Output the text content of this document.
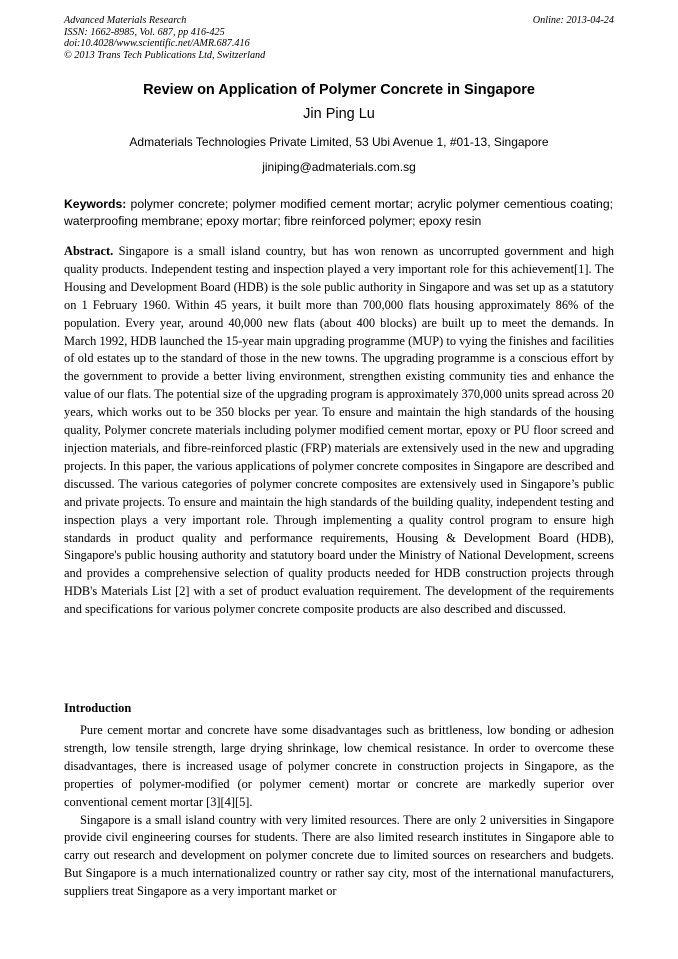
Advanced Materials Research
ISSN: 1662-8985, Vol. 687, pp 416-425
doi:10.4028/www.scientific.net/AMR.687.416
© 2013 Trans Tech Publications Ltd, Switzerland
Online: 2013-04-24
Review on Application of Polymer Concrete in Singapore
Jin Ping Lu
Admaterials Technologies Private Limited, 53 Ubi Avenue 1, #01-13, Singapore
jiniping@admaterials.com.sg
Keywords: polymer concrete; polymer modified cement mortar; acrylic polymer cementious coating; waterproofing membrane; epoxy mortar; fibre reinforced polymer; epoxy resin
Abstract. Singapore is a small island country, but has won renown as uncorrupted government and high quality products. Independent testing and inspection played a very important role for this achievement[1]. The Housing and Development Board (HDB) is the sole public authority in Singapore and was set up as a statutory on 1 February 1960. Within 45 years, it built more than 700,000 flats housing approximately 86% of the population. Every year, around 40,000 new flats (about 400 blocks) are built up to meet the demands. In March 1992, HDB launched the 15-year main upgrading programme (MUP) to vying the finishes and facilities of old estates up to the standard of those in the new towns. The upgrading programme is a conscious effort by the government to provide a better living environment, strengthen existing community ties and enhance the value of our flats. The potential size of the upgrading program is approximately 370,000 units spread across 20 years, which works out to be 350 blocks per year. To ensure and maintain the high standards of the housing quality, Polymer concrete materials including polymer modified cement mortar, epoxy or PU floor screed and injection materials, and fibre-reinforced plastic (FRP) materials are extensively used in the new and upgrading projects. In this paper, the various applications of polymer concrete composites in Singapore are described and discussed. The various categories of polymer concrete composites are extensively used in Singapore’s public and private projects. To ensure and maintain the high standards of the building quality, independent testing and inspection plays a very important role. Through implementing a quality control program to ensure high standards in product quality and performance requirements, Housing & Development Board (HDB), Singapore's public housing authority and statutory board under the Ministry of National Development, screens and provides a comprehensive selection of quality products needed for HDB construction projects through HDB's Materials List [2] with a set of product evaluation requirement. The development of the requirements and specifications for various polymer concrete composite products are also described and discussed.
Introduction

Pure cement mortar and concrete have some disadvantages such as brittleness, low bonding or adhesion strength, low tensile strength, large drying shrinkage, low chemical resistance. In order to overcome these disadvantages, there is increased usage of polymer concrete in construction projects in Singapore, as the properties of polymer-modified (or polymer cement) mortar or concrete are markedly superior over conventional cement mortar [3][4][5].

Singapore is a small island country with very limited resources. There are only 2 universities in Singapore provide civil engineering courses for students. There are also limited research institutes in Singapore able to carry out research and development on polymer concrete due to limited sources on researchers and budgets. But Singapore is a much internationalized country or rather say city, most of the international manufacturers, suppliers treat Singapore as a very important market or
